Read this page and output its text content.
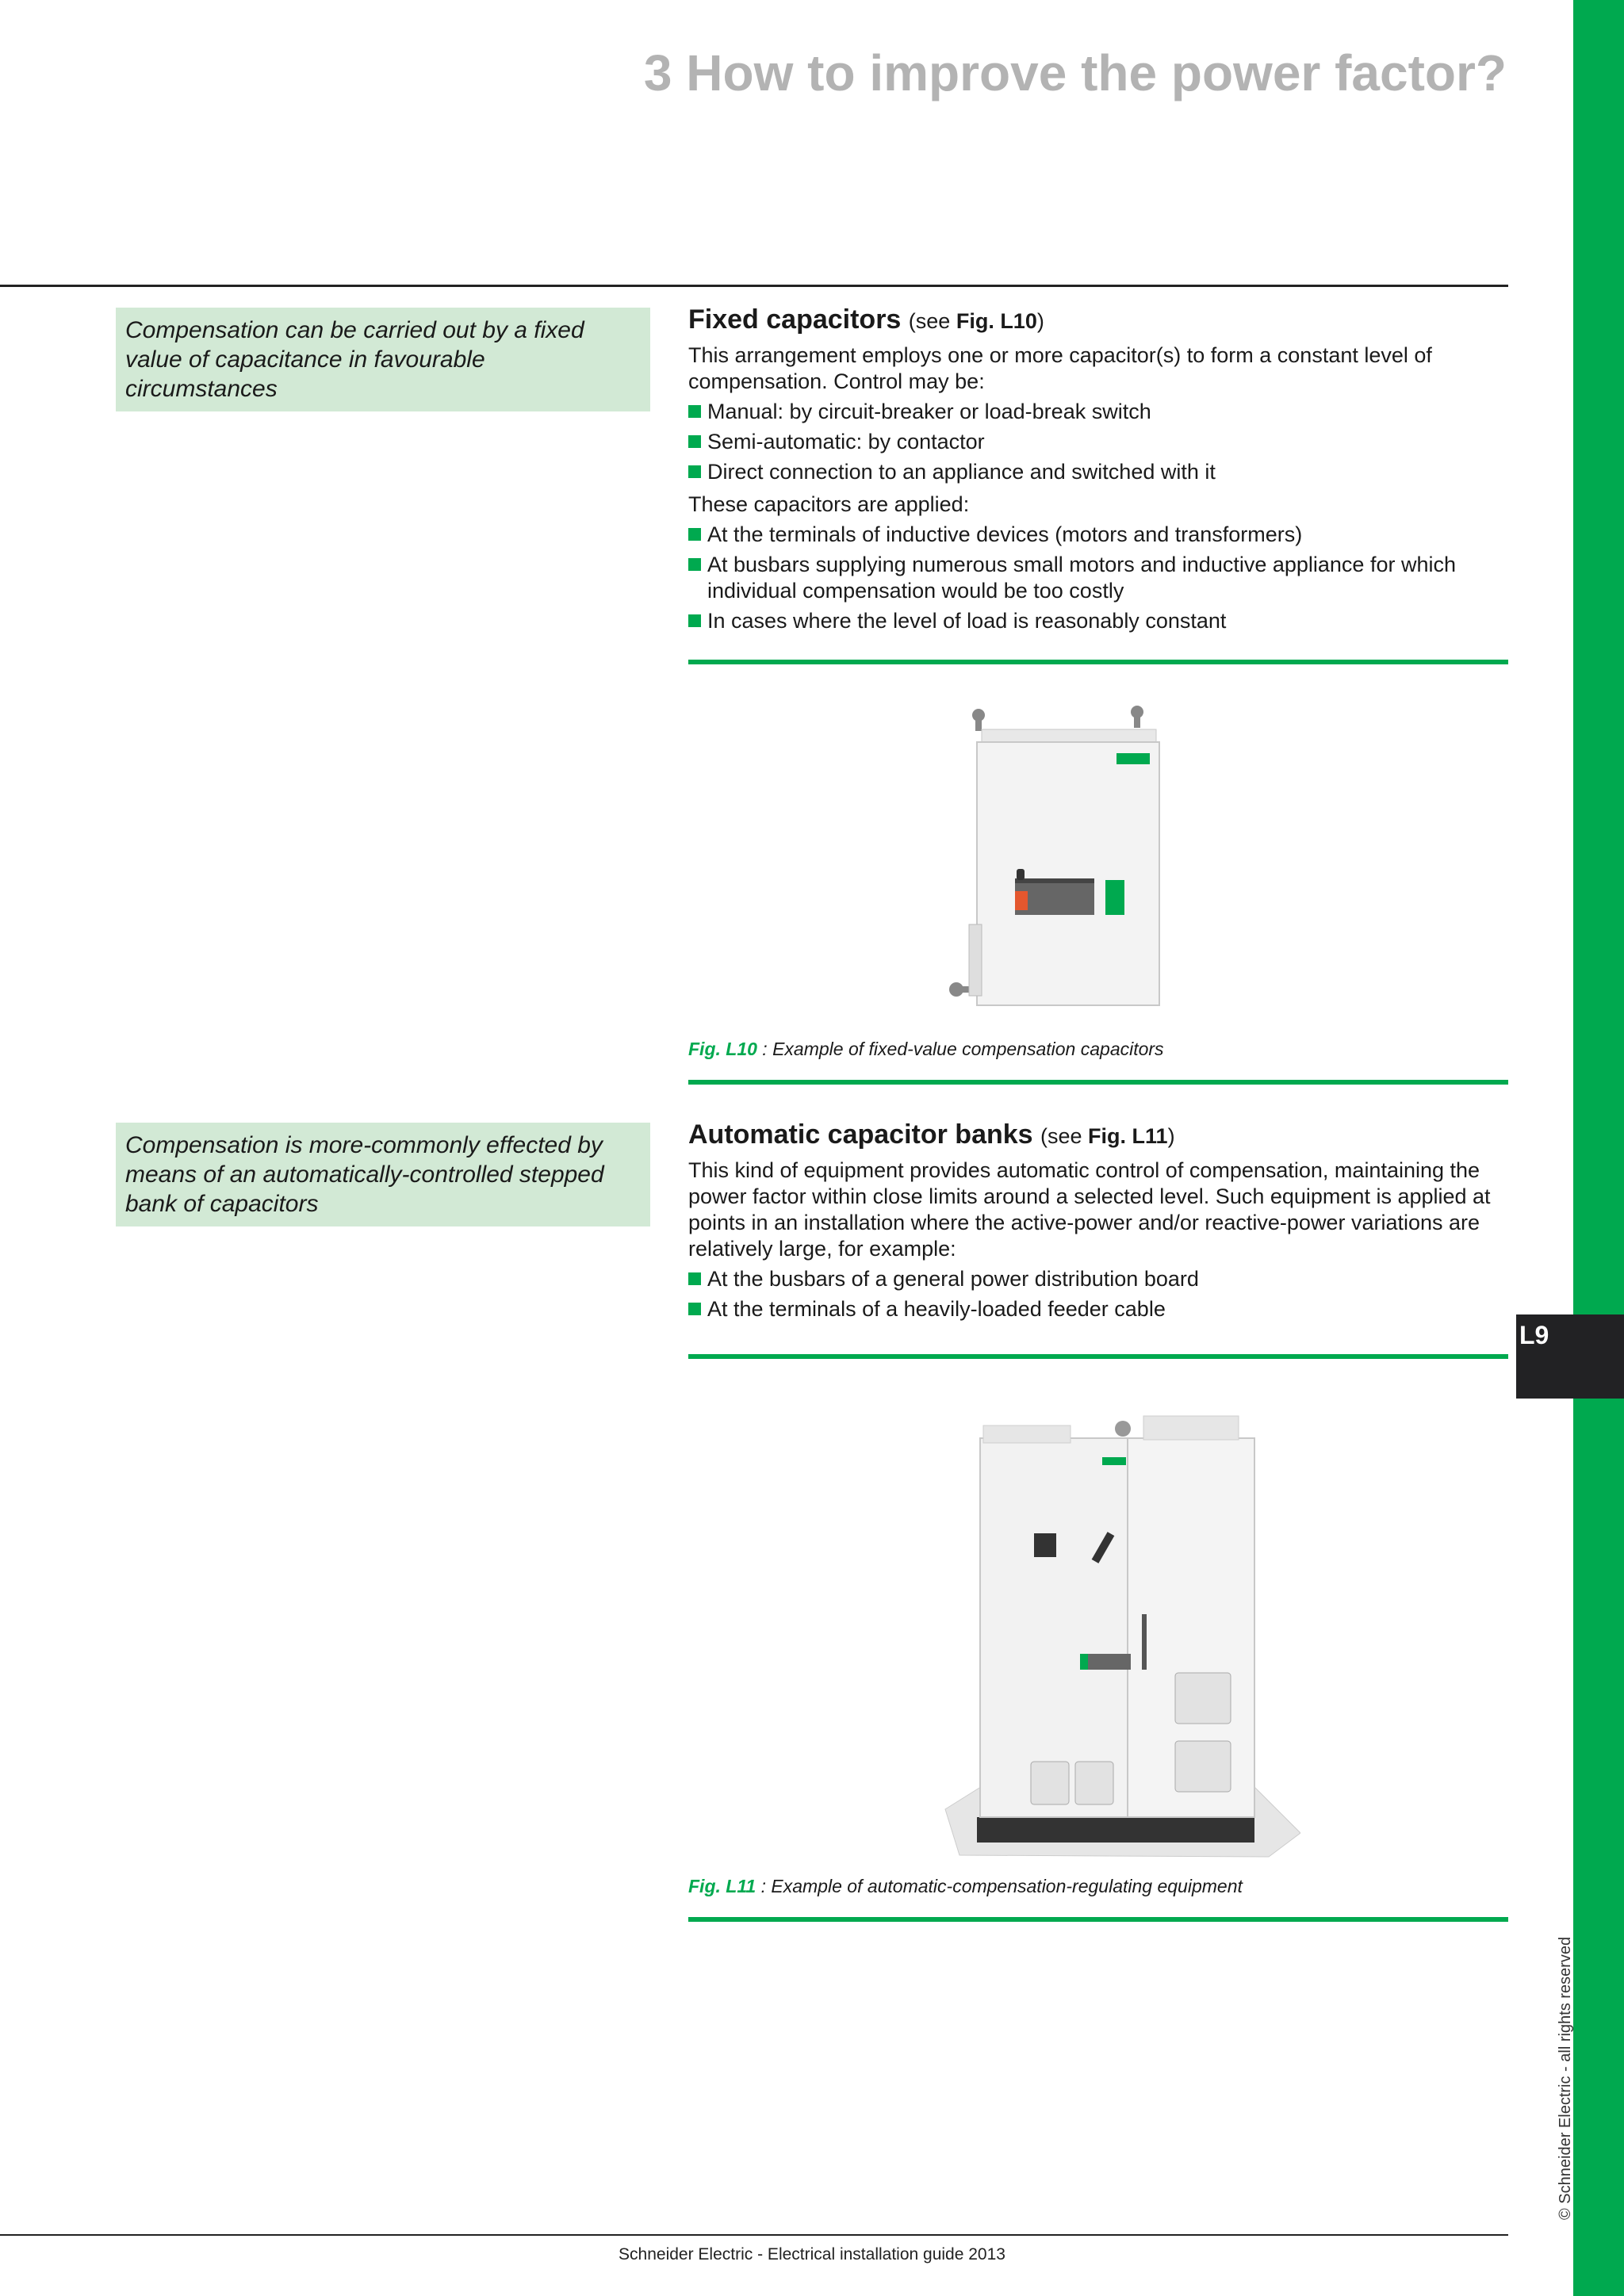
L9
© Schneider Electric - all rights reserved
3 How to improve the power factor?
Compensation can be carried out by a fixed value of capacitance in favourable circumstances
Fixed capacitors (see Fig. L10)

This arrangement employs one or more capacitor(s) to form a constant level of compensation. Control may be:

Manual: by circuit-breaker or load-break switch
Semi-automatic: by contactor
Direct connection to an appliance and switched with it

These capacitors are applied:

At the terminals of inductive devices (motors and transformers)
At busbars supplying numerous small motors and inductive appliance for which individual compensation would be too costly
In cases where the level of load is reasonably constant
Fig. L10 : Example of fixed-value compensation capacitors
Compensation is more-commonly effected by means of an automatically-controlled stepped bank of capacitors
Automatic capacitor banks (see Fig. L11)

This kind of equipment provides automatic control of compensation, maintaining the power factor within close limits around a selected level. Such equipment is applied at points in an installation where the active-power and/or reactive-power variations are relatively large, for example:

At the busbars of a general power distribution board
At the terminals of a heavily-loaded feeder cable
Fig. L11 : Example of automatic-compensation-regulating equipment
Schneider Electric - Electrical installation guide 2013
